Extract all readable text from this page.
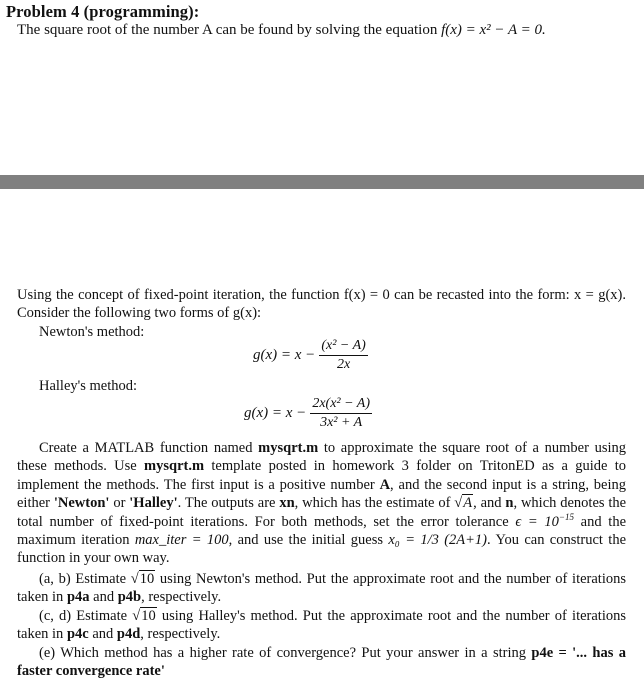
Problem 4 (programming):
The square root of the number A can be found by solving the equation f(x) = x² − A = 0.
Using the concept of fixed-point iteration, the function f(x) = 0 can be recasted into the form: x = g(x). Consider the following two forms of g(x):
Newton's method:
$g(x) = x - \frac{\text{(x² − A)}}{2x}$
Halley's method:
$g(x) = x - \frac{\text{2x(x² − A)}}{\text{3x² + A}}$
Create a MATLAB function named mysqrt.m to approximate the square root of a number using these methods. Use mysqrt.m template posted in homework 3 folder on TritonED as a guide to implement the methods. The first input is a positive number A, and the second input is a string, being either 'Newton' or 'Halley'. The outputs are xn, which has the estimate of √A, and n, which denotes the total number of fixed-point iterations. For both methods, set the error tolerance $\epsilon = 10^{-15}$ and the maximum iteration max_iter = 100, and use the initial guess x₀ = 1/3 (2A+1). You can construct the function in your own way.
(a, b) Estimate √10 using Newton's method. Put the approximate root and the number of iterations taken in p4a and p4b, respectively.
(c, d) Estimate √10 using Halley's method. Put the approximate root and the number of iterations taken in p4c and p4d, respectively.
(e) Which method has a higher rate of convergence? Put your answer in a string p4e = '... has a faster convergence rate'
